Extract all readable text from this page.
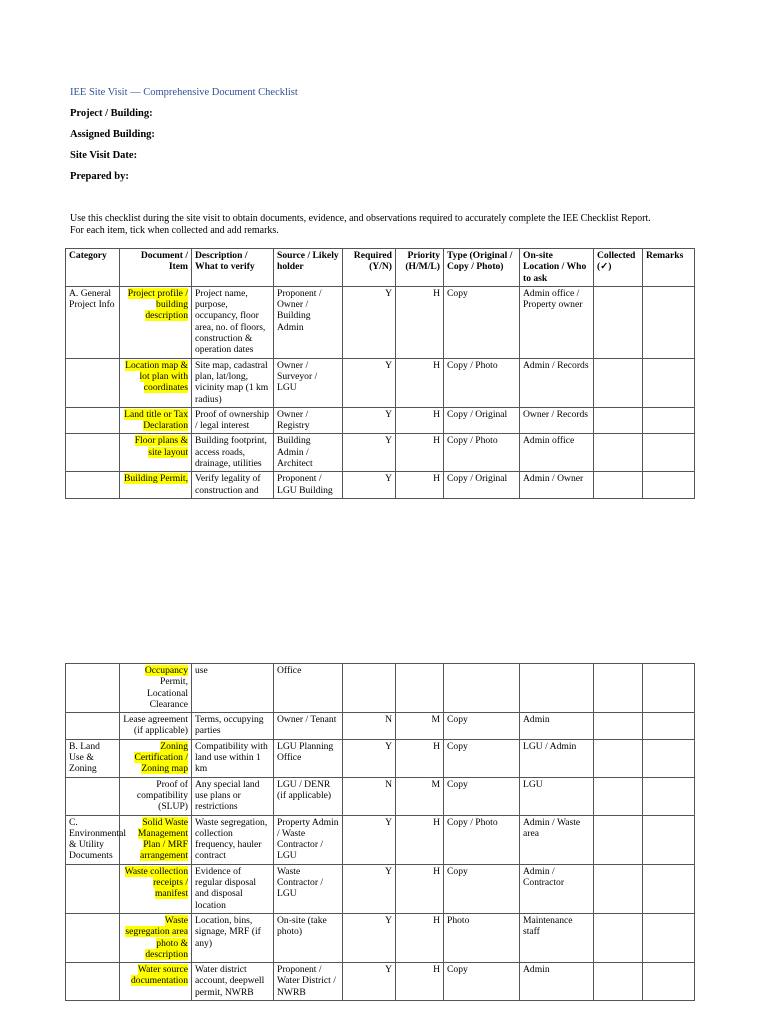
IEE Site Visit — Comprehensive Document Checklist
Project / Building:
Assigned Building:
Site Visit Date:
Prepared by:
Use this checklist during the site visit to obtain documents, evidence, and observations required to accurately complete the IEE Checklist Report.
For each item, tick when collected and add remarks.
Category	Document / Item	Description / What to verify	Source / Likely holder	Required (Y/N)	Priority (H/M/L)	Type (Original / Copy / Photo)	On-site Location / Who to ask	Collected (✓)	Remarks
A. General Project Info	Project profile / building description	Project name, purpose, occupancy, floor area, no. of floors, construction & operation dates	Proponent / Owner / Building Admin	Y	H	Copy	Admin office / Property owner		
	Location map & lot plan with coordinates	Site map, cadastral plan, lat/long, vicinity map (1 km radius)	Owner / Surveyor / LGU	Y	H	Copy / Photo	Admin / Records		
	Land title or Tax Declaration	Proof of ownership / legal interest	Owner / Registry	Y	H	Copy / Original	Owner / Records		
	Floor plans & site layout	Building footprint, access roads, drainage, utilities	Building Admin / Architect	Y	H	Copy / Photo	Admin office		
	Building Permit,	Verify legality of construction and	Proponent / LGU Building	Y	H	Copy / Original	Admin / Owner		
	Occupancy Permit, Locational Clearance	use	Office						
	Lease agreement (if applicable)	Terms, occupying parties	Owner / Tenant	N	M	Copy	Admin		
B. Land Use & Zoning	Zoning Certification / Zoning map	Compatibility with land use within 1 km	LGU Planning Office	Y	H	Copy	LGU / Admin		
	Proof of compatibility (SLUP)	Any special land use plans or restrictions	LGU / DENR (if applicable)	N	M	Copy	LGU		
C. Environmental & Utility Documents	Solid Waste Management Plan / MRF arrangement	Waste segregation, collection frequency, hauler contract	Property Admin / Waste Contractor / LGU	Y	H	Copy / Photo	Admin / Waste area		
	Waste collection receipts / manifest	Evidence of regular disposal and disposal location	Waste Contractor / LGU	Y	H	Copy	Admin / Contractor		
	Waste segregation area photo & description	Location, bins, signage, MRF (if any)	On-site (take photo)	Y	H	Photo	Maintenance staff		
	Water source documentation	Water district account, deepwell permit, NWRB	Proponent / Water District / NWRB	Y	H	Copy	Admin		
